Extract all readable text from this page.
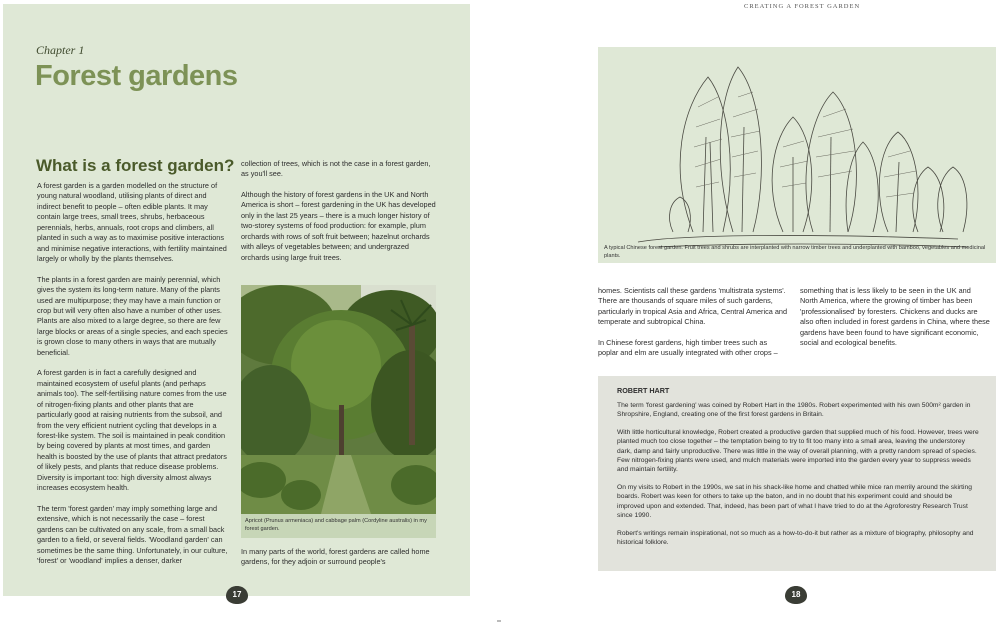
Chapter 1
Forest gardens
What is a forest garden?

A forest garden is a garden modelled on the structure of young natural woodland, utilising plants of direct and indirect benefit to people – often edible plants. It may contain large trees, small trees, shrubs, herbaceous perennials, herbs, annuals, root crops and climbers, all planted in such a way as to maximise positive interactions and minimise negative interactions, with fertility maintained largely or wholly by the plants themselves.

The plants in a forest garden are mainly perennial, which gives the system its long-term nature. Many of the plants used are multipurpose; they may have a main function or crop but will very often also have a number of other uses. Plants are also mixed to a large degree, so there are few large blocks or areas of a single species, and each species is grown close to many others in ways that are mutually beneficial.

A forest garden is in fact a carefully designed and maintained ecosystem of useful plants (and perhaps animals too). The self-fertilising nature comes from the use of nitrogen-fixing plants and other plants that are particularly good at raising nutrients from the subsoil, and from the very efficient nutrient cycling that develops in a forest-like system. The soil is maintained in peak condition by being covered by plants at most times, and garden health is boosted by the use of plants that attract predators of likely pests, and plants that reduce disease problems. Diversity is important too: high diversity almost always increases ecosystem health.

The term 'forest garden' may imply something large and extensive, which is not necessarily the case – forest gardens can be cultivated on any scale, from a small back garden to a field, or several fields. 'Woodland garden' can sometimes be the same thing. Unfortunately, in our culture, 'forest' or 'woodland' implies a denser, darker

collection of trees, which is not the case in a forest garden, as you'll see.

Although the history of forest gardens in the UK and North America is short – forest gardening in the UK has developed only in the last 25 years – there is a much longer history of two-storey systems of food production: for example, plum orchards with rows of soft fruit between; hazelnut orchards with alleys of vegetables between; and undergrazed orchards using large fruit trees.

Apricot (Prunus armeniaca) and cabbage palm (Cordyline australis) in my forest garden.

In many parts of the world, forest gardens are called home gardens, for they adjoin or surround people's

17
CREATING A FOREST GARDEN
A typical Chinese forest garden. Fruit trees and shrubs are interplanted with narrow timber trees and underplanted with bamboo, vegetables and medicinal plants.

homes. Scientists call these gardens 'multistrata systems'. There are thousands of square miles of such gardens, particularly in tropical Asia and Africa, Central America and temperate and subtropical China.

In Chinese forest gardens, high timber trees such as poplar and elm are usually integrated with other crops –

something that is less likely to be seen in the UK and North America, where the growing of timber has been 'professionalised' by foresters. Chickens and ducks are also often included in forest gardens in China, where these gardens have been found to have significant economic, social and ecological benefits.

ROBERT HART

The term 'forest gardening' was coined by Robert Hart in the 1980s. Robert experimented with his own 500m² garden in Shropshire, England, creating one of the first forest gardens in Britain.

With little horticultural knowledge, Robert created a productive garden that supplied much of his food. However, trees were planted much too close together – the temptation being to try to fit too many into a small area, leaving the understorey dark, damp and fairly unproductive. There was little in the way of overall planning, with a pretty random spread of species. Few nitrogen-fixing plants were used, and mulch materials were imported into the garden every year to suppress weeds and maintain fertility.

On my visits to Robert in the 1990s, we sat in his shack-like home and chatted while mice ran merrily around the skirting boards. Robert was keen for others to take up the baton, and in no doubt that his experiment could and should be improved upon and extended. That, indeed, has been part of what I have tried to do at the Agroforestry Research Trust since 1990.

Robert's writings remain inspirational, not so much as a how-to-do-it but rather as a mixture of biography, philosophy and historical folklore.

18
